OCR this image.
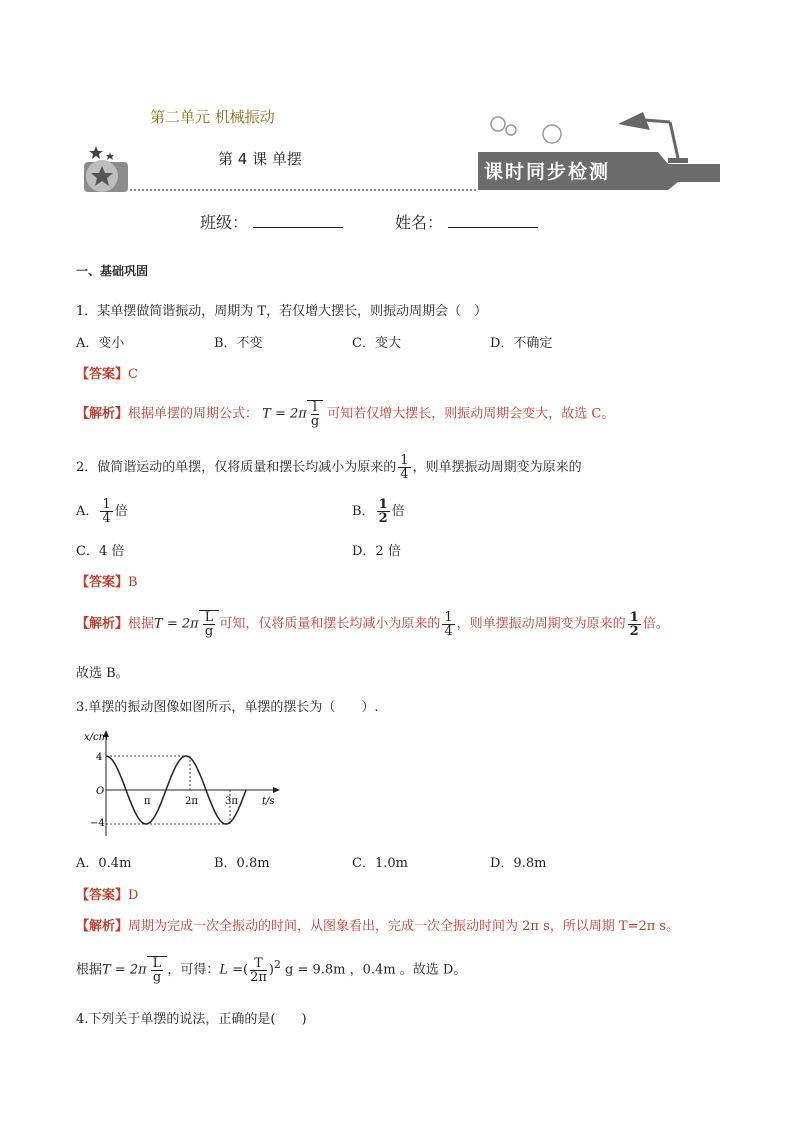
第二单元 机械振动
第 4 课 单摆
课时同步检测
班级：	姓名：
一、基础巩固
1．某单摆做简谐振动，周期为 T，若仅增大摆长，则振动周期会（　）
A．变小	B．不变	C．变大	D．不确定
【答案】C
【解析】根据单摆的周期公式： $T = 2\pi \frac{l}{g}$ 可知若仅增大摆长，则振动周期会变大，故选 C。
2．做简谐运动的单摆，仅将质量和摆长均减小为原来的 $\frac{1}{4}$ ，则单摆振动周期变为原来的
A． $\frac{1}{4}$ 倍	B． $\frac{1}{2}$ 倍
C．4 倍	D．2 倍
【答案】B
【解析】根据$T = 2\pi \frac{L}{g}$ 可知，仅将质量和摆长均减小为原来的 $\frac{1}{4}$ ，则单摆振动周期变为原来的 $\frac{1}{2}$ 倍。
故选 B。
3.单摆的振动图像如图所示，单摆的摆长为（　　）.
x/cm
t/s
O
4
−4
π	2π	3π
A．0.4m	B．0.8m	C．1.0m	D．9.8m
【答案】D
【解析】周期为完成一次全振动的时间，从图象看出，完成一次全振动时间为 2π s，所以周期 T=2π s。
根据$T = 2\pi \frac{L}{g}$ ，可得：L =( $\frac{T}{2\pi} )^2$ g = 9.8m ，0.4m 。故选 D。
4.下列关于单摆的说法，正确的是(　　)
